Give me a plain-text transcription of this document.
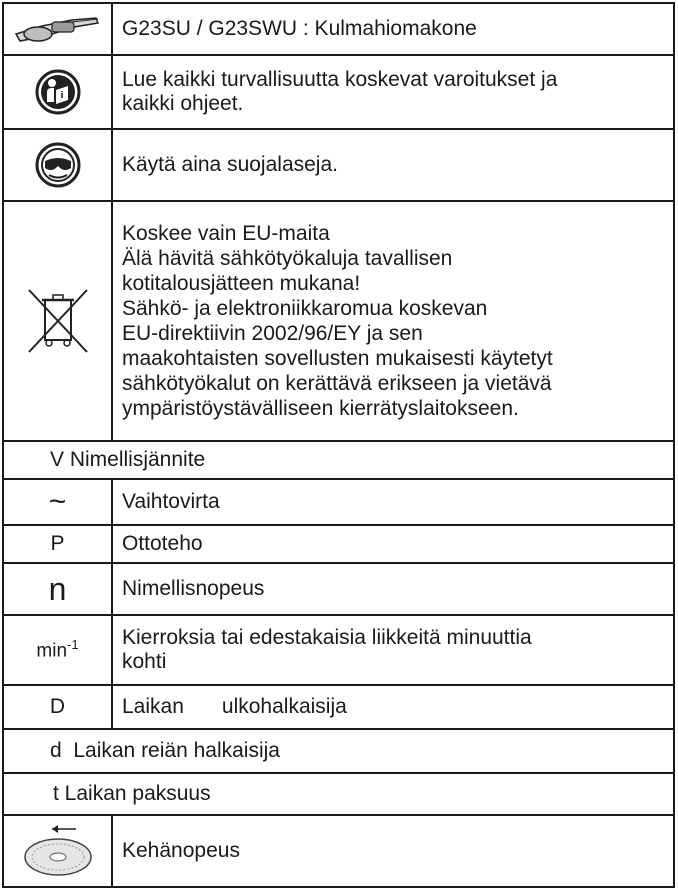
G23SU / G23SWU : Kulmahiomakone
i
Lue kaikki turvallisuutta koskevat varoitukset ja
kaikki ohjeet.
Käytä aina suojalaseja.
Koskee vain EU-maita
Älä hävitä sähkötyökaluja tavallisen
kotitalousjätteen mukana!
Sähkö- ja elektroniikkaromua koskevan
EU-direktiivin 2002/96/EY ja sen
maakohtaisten sovellusten mukaisesti käytetyt
sähkötyökalut on kerättävä erikseen ja vietävä
ympäristöystävälliseen kierrätyslaitokseen.
V Nimellisjännite
~	Vaihtovirta
P	Ottoteho
n	Nimellisnopeus
$\min^{-1}$ Kierroksia tai edestakaisia liikkeitä minuuttia
kohti
D	Laikan ulkohalkaisija
d  Laikan reiän halkaisija
t Laikan paksuus
Kehänopeus
